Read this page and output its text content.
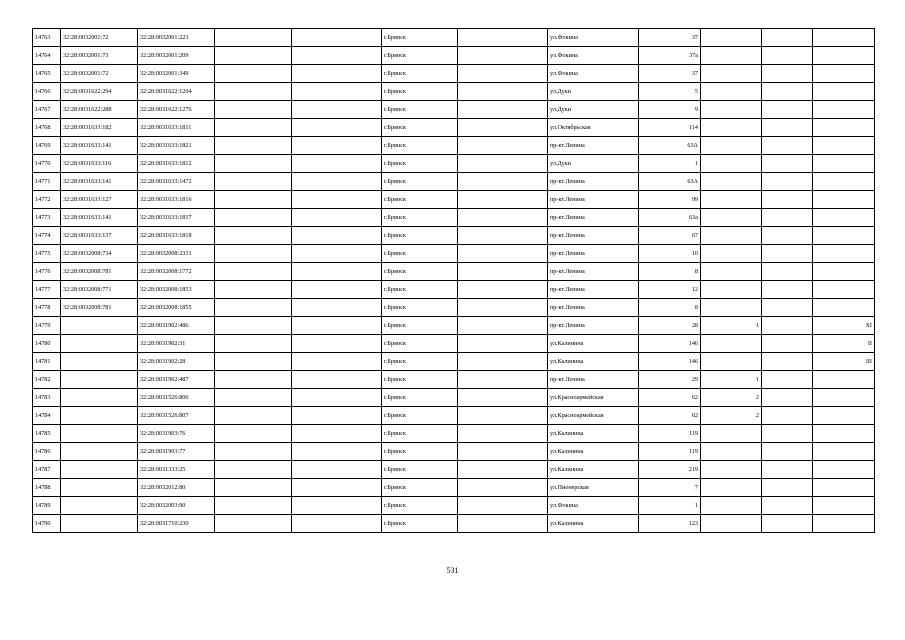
14763	32:28:0032001:72	32:28:0032001:223			г.Брянск		ул.Фокина	37			
14764	32:28:0032001:73	32:28:0032001:209			г.Брянск		ул.Фокина	37а			
14765	32:28:0032001:72	32:28:0032001:349			г.Брянск		ул.Фокина	37			
14766	32:28:0031622:294	32:28:0031622:1204			г.Брянск		ул.Дуки	5			
14767	32:28:0031622:288	32:28:0031622:1276			г.Брянск		ул.Дуки	9			
14768	32:28:0031633:182	32:28:0031633:1811			г.Брянск		ул.Октябрьская	114			
14769	32:28:0031633:141	32:28:0031633:1821			г.Брянск		пр-кт.Ленина	63А			
14770	32:28:0031633:116	32:28:0031633:1812			г.Брянск		ул.Дуки	1			
14771	32:28:0031633:141	32:28:0031633:1472			г.Брянск		пр-кт.Ленина	63А			
14772	32:28:0031633:127	32:28:0031633:1816			г.Брянск		пр-кт.Ленина	99			
14773	32:28:0031633:141	32:28:0031633:1817			г.Брянск		пр-кт.Ленина	63а			
14774	32:28:0031633:137	32:28:0031633:1818			г.Брянск		пр-кт.Ленина	67			
14775	32:28:0032008:734	32:28:0032008:2331			г.Брянск		пр-кт.Ленина	10			
14776	32:28:0032008:781	32:28:0032008:1772			г.Брянск		пр-кт.Ленина	8			
14777	32:28:0032008:771	32:28:0032008:1853			г.Брянск		пр-кт.Ленина	12			
14778	32:28:0032008:781	32:28:0032008:1855			г.Брянск		пр-кт.Ленина	8			
14779		32:28:0031902:486			г.Брянск		пр-кт.Ленина	28	1		XI
14780		32:28:0031902:31			г.Брянск		ул.Калинина	146			II
14781		32:28:0031902:28			г.Брянск		ул.Калинина	146			III
14782		32:28:0031902:487			г.Брянск		пр-кт.Ленина	29	1		
14783		32:28:0031526:806			г.Брянск		ул.Красноармейская	62	2		
14784		32:28:0031526:807			г.Брянск		ул.Красноармейская	62	2		
14785		32:28:0031903:76			г.Брянск		ул.Калинина	119			
14786		32:28:0031903:77			г.Брянск		ул.Калинина	119			
14787		32:28:0031333:25			г.Брянск		ул.Калинина	219			
14788		32:28:0032012:80			г.Брянск		ул.Пионерская	7			
14789		32:28:0032003:90			г.Брянск		ул.Фокина	1			
14790		32:28:0031710:230			г.Брянск		ул.Калинина	123			
531
